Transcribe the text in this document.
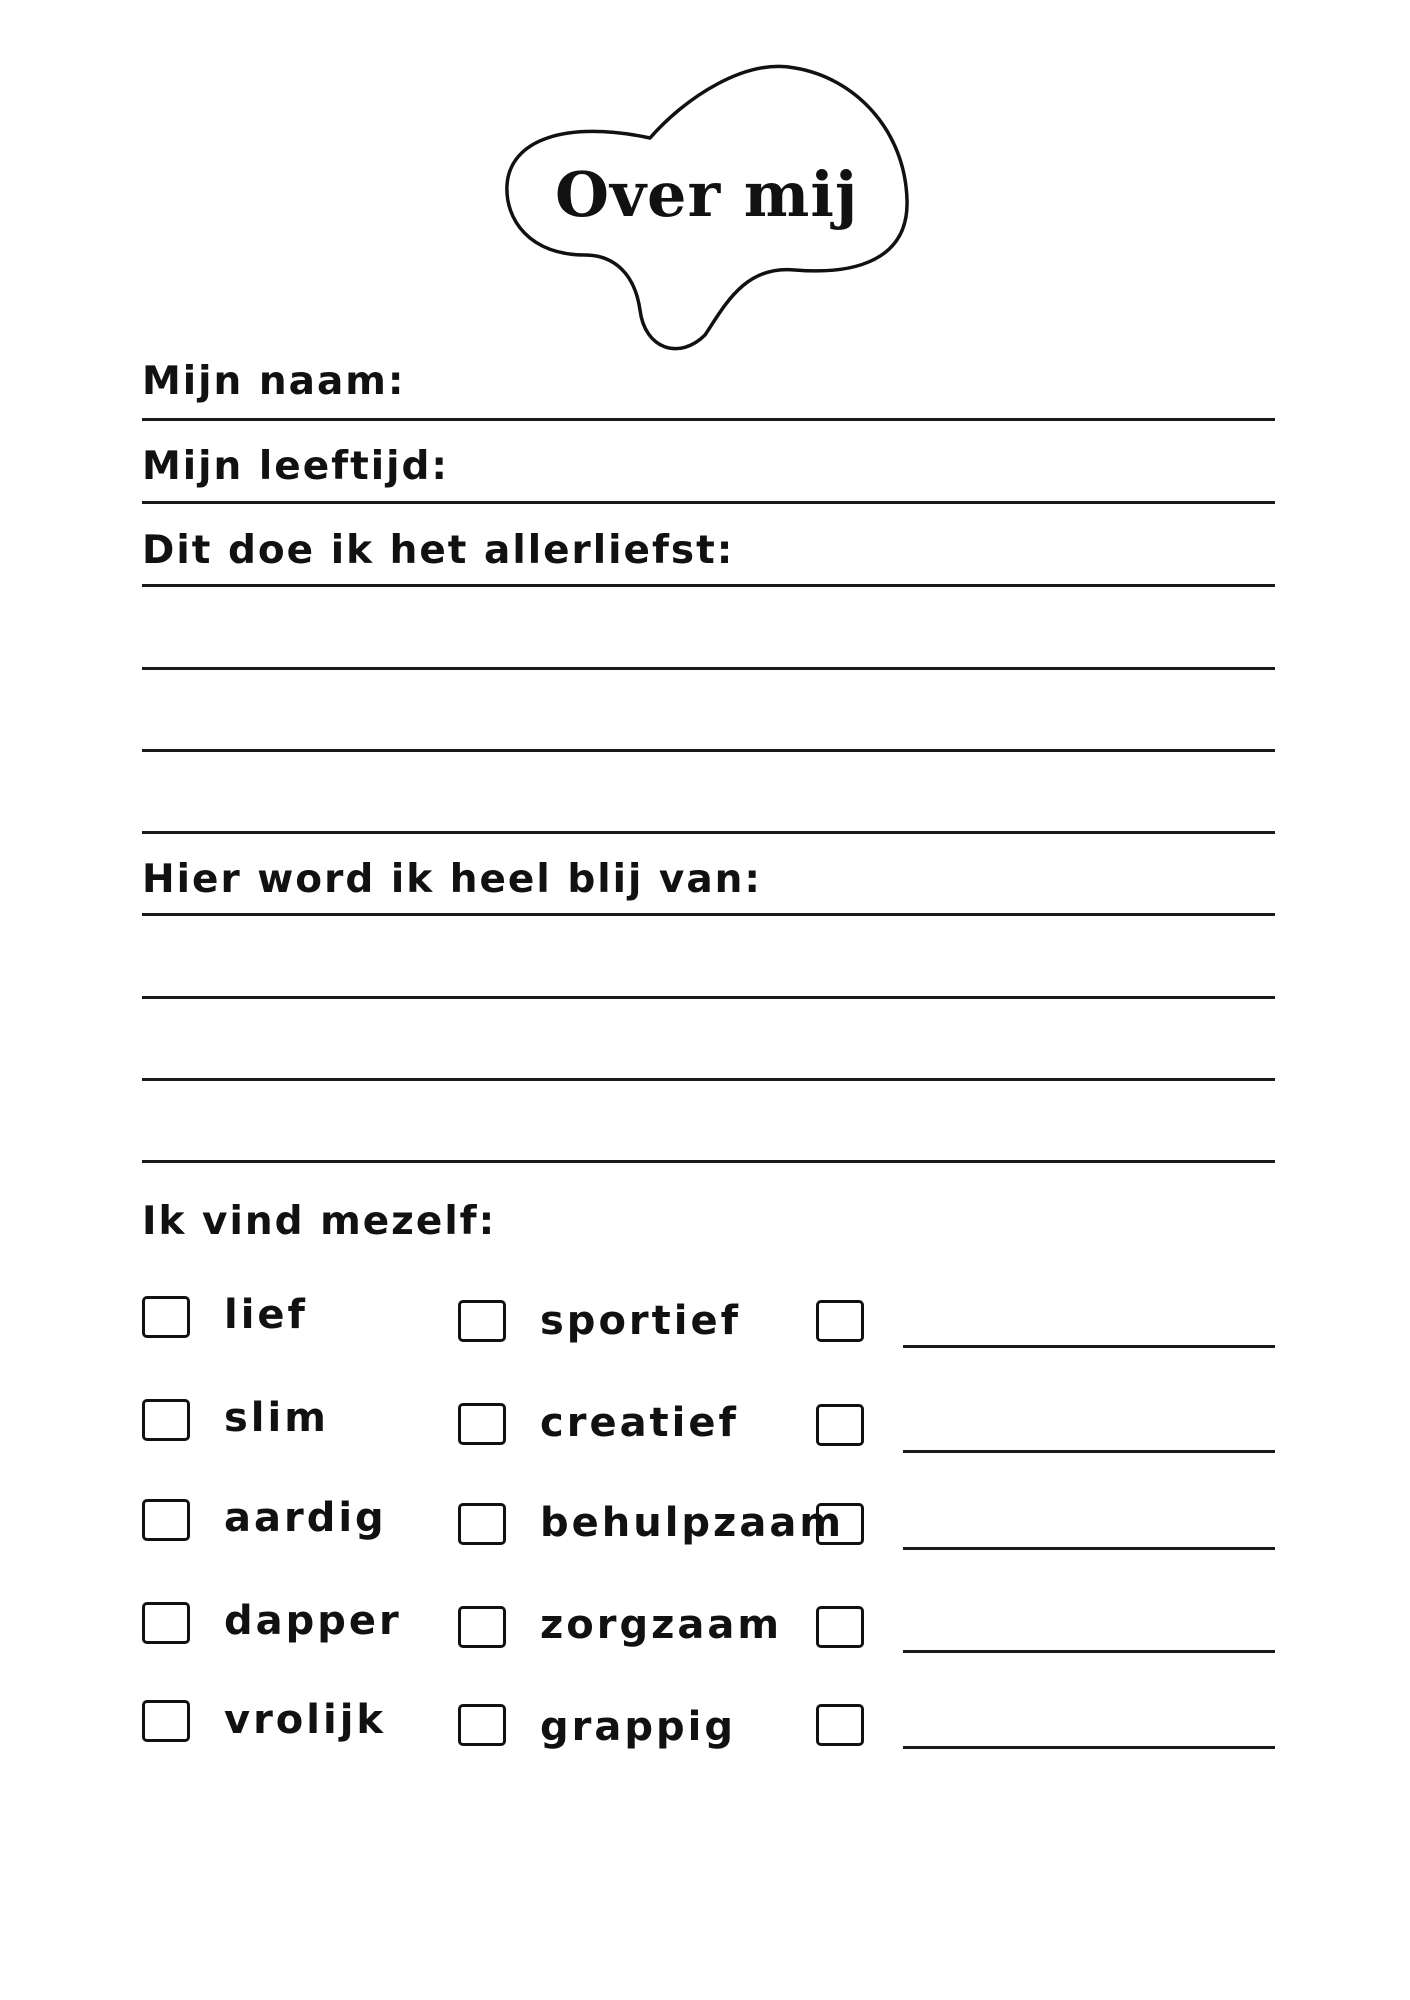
Over mij
Mijn naam:
Mijn leeftijd:
Dit doe ik het allerliefst:
Hier word ik heel blij van:
Ik vind mezelf:
lief
slim
aardig
dapper
vrolijk
sportief
creatief
behulpzaam
zorgzaam
grappig
